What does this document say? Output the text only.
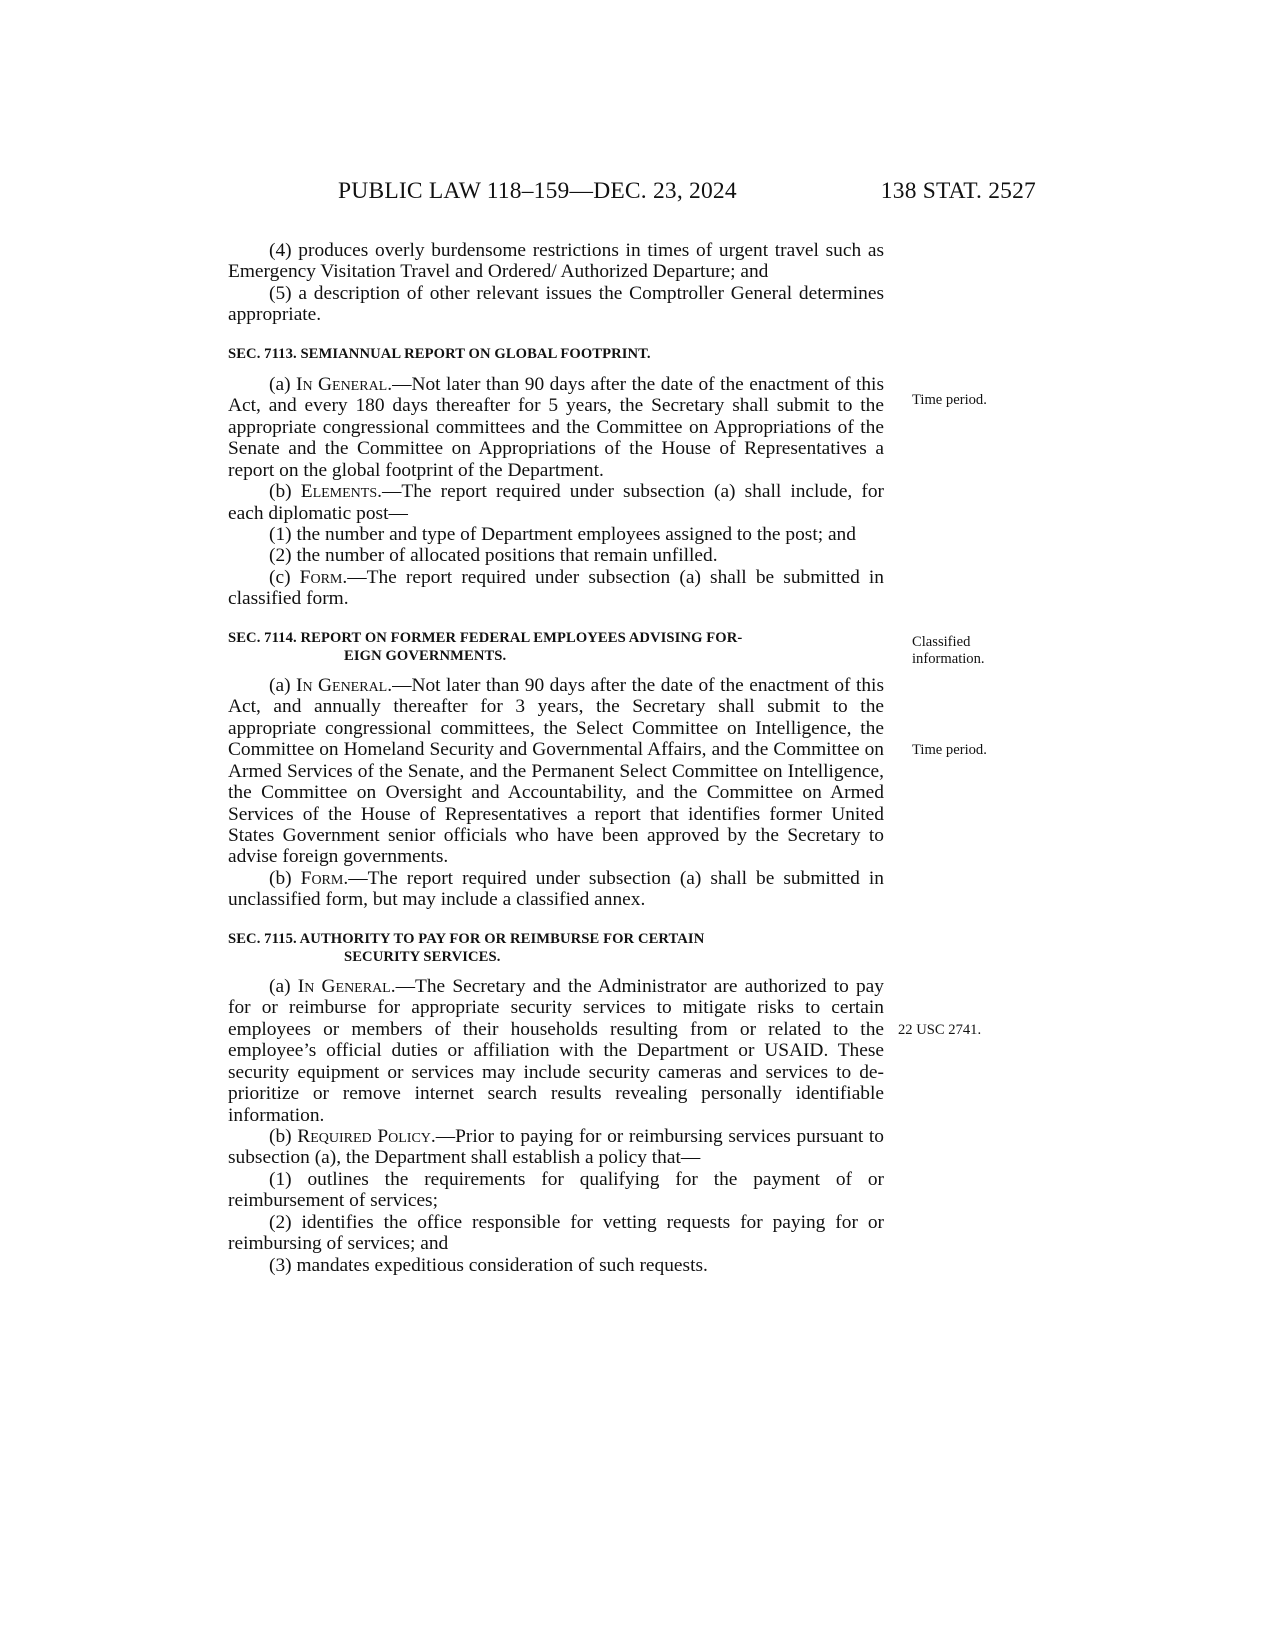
PUBLIC LAW 118–159—DEC. 23, 2024	138 STAT. 2527

(4) produces overly burdensome restrictions in times of urgent travel such as Emergency Visitation Travel and Ordered/ Authorized Departure; and

(5) a description of other relevant issues the Comptroller General determines appropriate.

SEC. 7113. SEMIANNUAL REPORT ON GLOBAL FOOTPRINT.

(a) In General.—Not later than 90 days after the date of the enactment of this Act, and every 180 days thereafter for 5 years, the Secretary shall submit to the appropriate congressional committees and the Committee on Appropriations of the Senate and the Committee on Appropriations of the House of Representatives a report on the global footprint of the Department.

(b) Elements.—The report required under subsection (a) shall include, for each diplomatic post—

(1) the number and type of Department employees assigned to the post; and

(2) the number of allocated positions that remain unfilled.

(c) Form.—The report required under subsection (a) shall be submitted in classified form.

SEC. 7114. REPORT ON FORMER FEDERAL EMPLOYEES ADVISING FOR-
EIGN GOVERNMENTS.

(a) In General.—Not later than 90 days after the date of the enactment of this Act, and annually thereafter for 3 years, the Secretary shall submit to the appropriate congressional committees, the Select Committee on Intelligence, the Committee on Homeland Security and Governmental Affairs, and the Committee on Armed Services of the Senate, and the Permanent Select Committee on Intelligence, the Committee on Oversight and Accountability, and the Committee on Armed Services of the House of Representatives a report that identifies former United States Government senior officials who have been approved by the Secretary to advise foreign governments.

(b) Form.—The report required under subsection (a) shall be submitted in unclassified form, but may include a classified annex.

SEC. 7115. AUTHORITY TO PAY FOR OR REIMBURSE FOR CERTAIN
SECURITY SERVICES.

(a) In General.—The Secretary and the Administrator are authorized to pay for or reimburse for appropriate security services to mitigate risks to certain employees or members of their households resulting from or related to the employee’s official duties or affiliation with the Department or USAID. These security equipment or services may include security cameras and services to de-prioritize or remove internet search results revealing personally identifiable information.

(b) Required Policy.—Prior to paying for or reimbursing services pursuant to subsection (a), the Department shall establish a policy that—

(1) outlines the requirements for qualifying for the payment of or reimbursement of services;

(2) identifies the office responsible for vetting requests for paying for or reimbursing of services; and

(3) mandates expeditious consideration of such requests.

Time period.
Classified
information.
Time period.
22 USC 2741.
